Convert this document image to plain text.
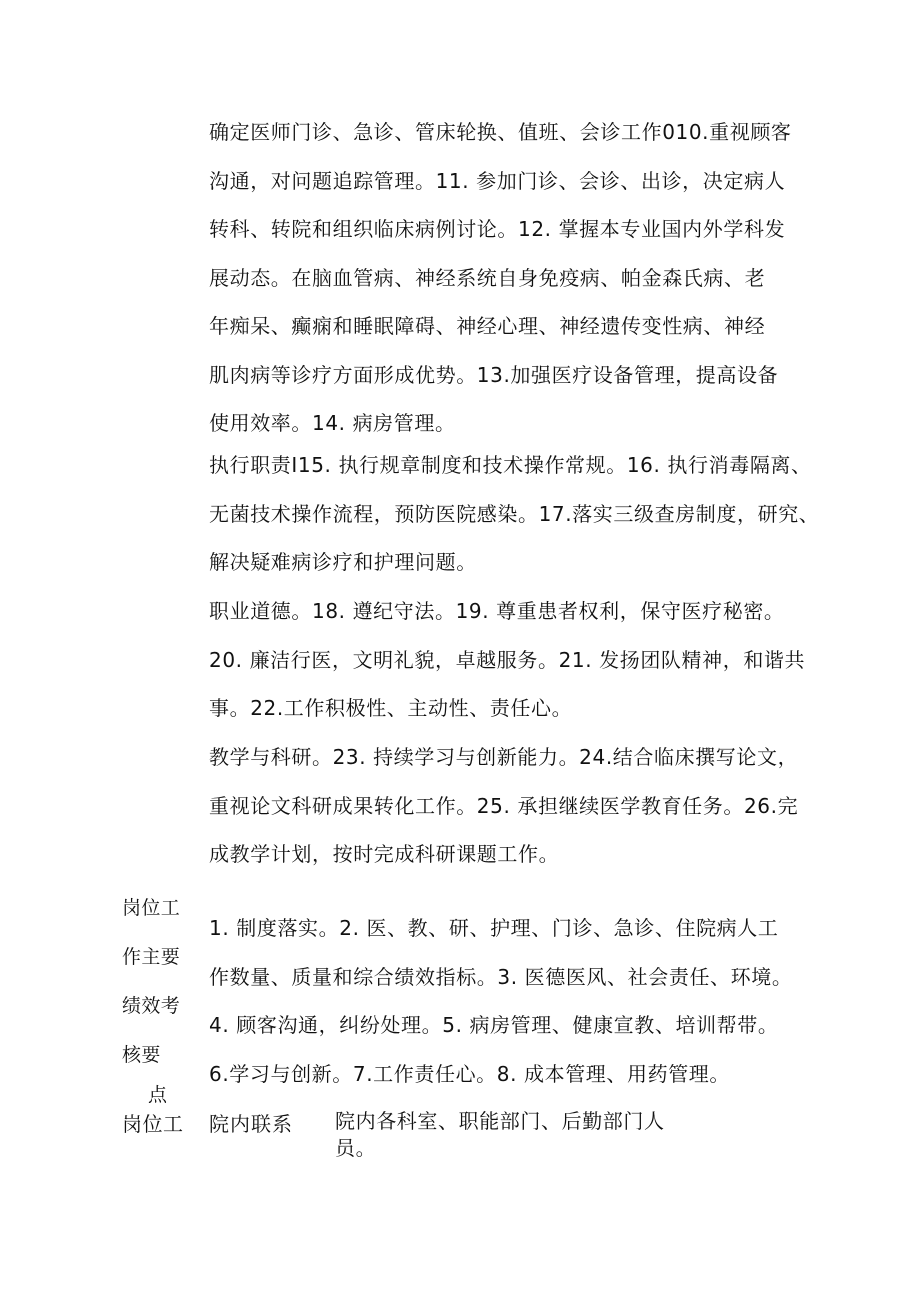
确定医师门诊、急诊、管床轮换、值班、会诊工作010.重视顾客
沟通，对问题追踪管理。11. 参加门诊、会诊、出诊，决定病人
转科、转院和组织临床病例讨论。12. 掌握本专业国内外学科发
展动态。在脑血管病、神经系统自身免疫病、帕金森氏病、老
年痴呆、癫痫和睡眠障碍、神经心理、神经遗传变性病、神经
肌肉病等诊疗方面形成优势。13.加强医疗设备管理，提高设备
使用效率。14. 病房管理。
执行职责I15. 执行规章制度和技术操作常规。16. 执行消毒隔离、
无菌技术操作流程，预防医院感染。17.落实三级查房制度，研究、
解决疑难病诊疗和护理问题。
职业道德。18. 遵纪守法。19. 尊重患者权利，保守医疗秘密。
20. 廉洁行医，文明礼貌，卓越服务。21. 发扬团队精神，和谐共
事。22.工作积极性、主动性、责任心。
教学与科研。23. 持续学习与创新能力。24.结合临床撰写论文，
重视论文科研成果转化工作。25. 承担继续医学教育任务。26.完
成教学计划，按时完成科研课题工作。
岗位工
作主要
绩效考
核要
点
1. 制度落实。2. 医、教、研、护理、门诊、急诊、住院病人工
作数量、质量和综合绩效指标。3. 医德医风、社会责任、环境。
4. 顾客沟通，纠纷处理。5. 病房管理、健康宣教、培训帮带。
6.学习与创新。7.工作责任心。8. 成本管理、用药管理。
岗位工 院内联系 院内各科室、职能部门、后勤部门人
员。
